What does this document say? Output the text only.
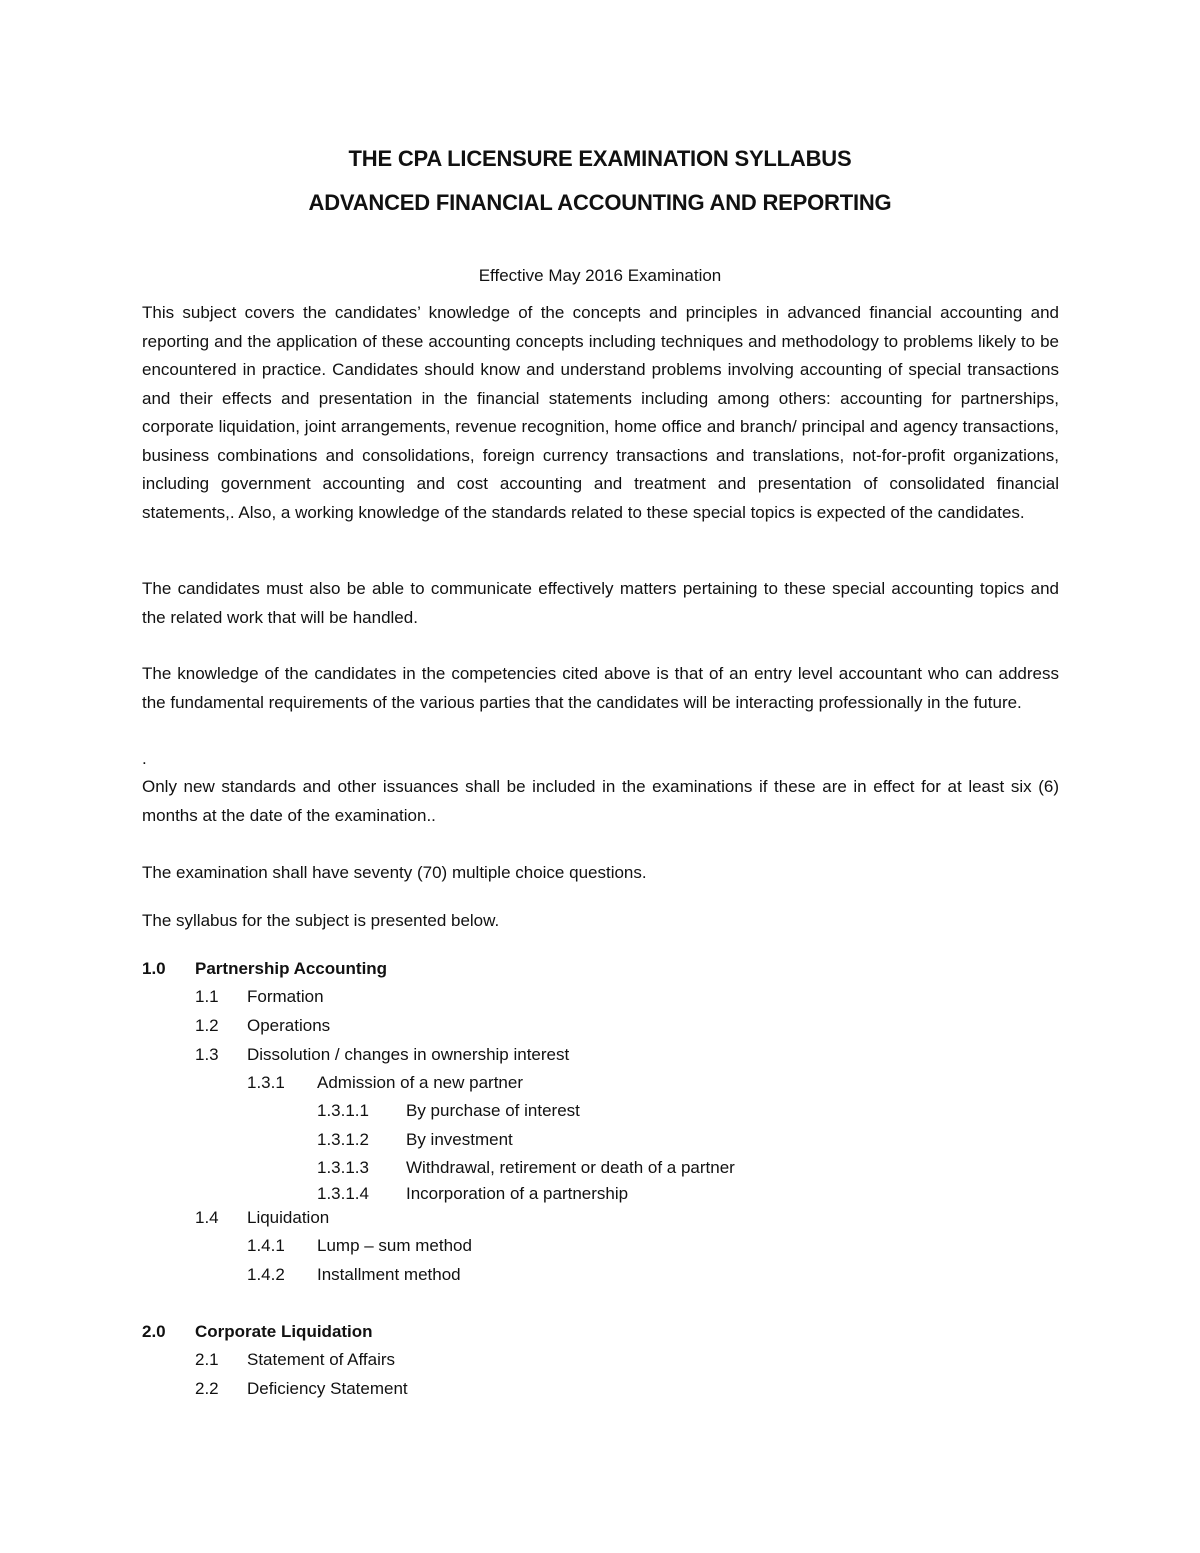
THE CPA LICENSURE EXAMINATION SYLLABUS
ADVANCED FINANCIAL ACCOUNTING AND REPORTING
Effective May 2016 Examination

This subject covers the candidates’ knowledge of the concepts and principles in advanced financial accounting and reporting and the application of these accounting concepts including techniques and methodology to problems likely to be encountered in practice. Candidates should know and understand problems involving accounting of special transactions and their effects and presentation in the financial statements including among others: accounting for partnerships, corporate liquidation, joint arrangements, revenue recognition, home office and branch/ principal and agency transactions, business combinations and consolidations, foreign currency transactions and translations, not-for-profit organizations, including government accounting and cost accounting and treatment and presentation of consolidated financial statements,. Also, a working knowledge of the standards related to these special topics is expected of the candidates.

The candidates must also be able to communicate effectively matters pertaining to these special accounting topics and the related work that will be handled.

The knowledge of the candidates in the competencies cited above is that of an entry level accountant who can address the fundamental requirements of the various parties that the candidates will be interacting professionally in the future.

.

Only new standards and other issuances shall be included in the examinations if these are in effect for at least six (6) months at the date of the examination..

The examination shall have seventy (70) multiple choice questions.
The syllabus for the subject is presented below.
1.0 Partnership Accounting
1.1 Formation
1.2 Operations
1.3 Dissolution / changes in ownership interest
1.3.1 Admission of a new partner
1.3.1.1 By purchase of interest
1.3.1.2 By investment
1.3.1.3 Withdrawal, retirement or death of a partner
1.3.1.4 Incorporation of a partnership
1.4 Liquidation
1.4.1 Lump – sum method
1.4.2 Installment method
2.0 Corporate Liquidation
2.1 Statement of Affairs
2.2 Deficiency Statement
